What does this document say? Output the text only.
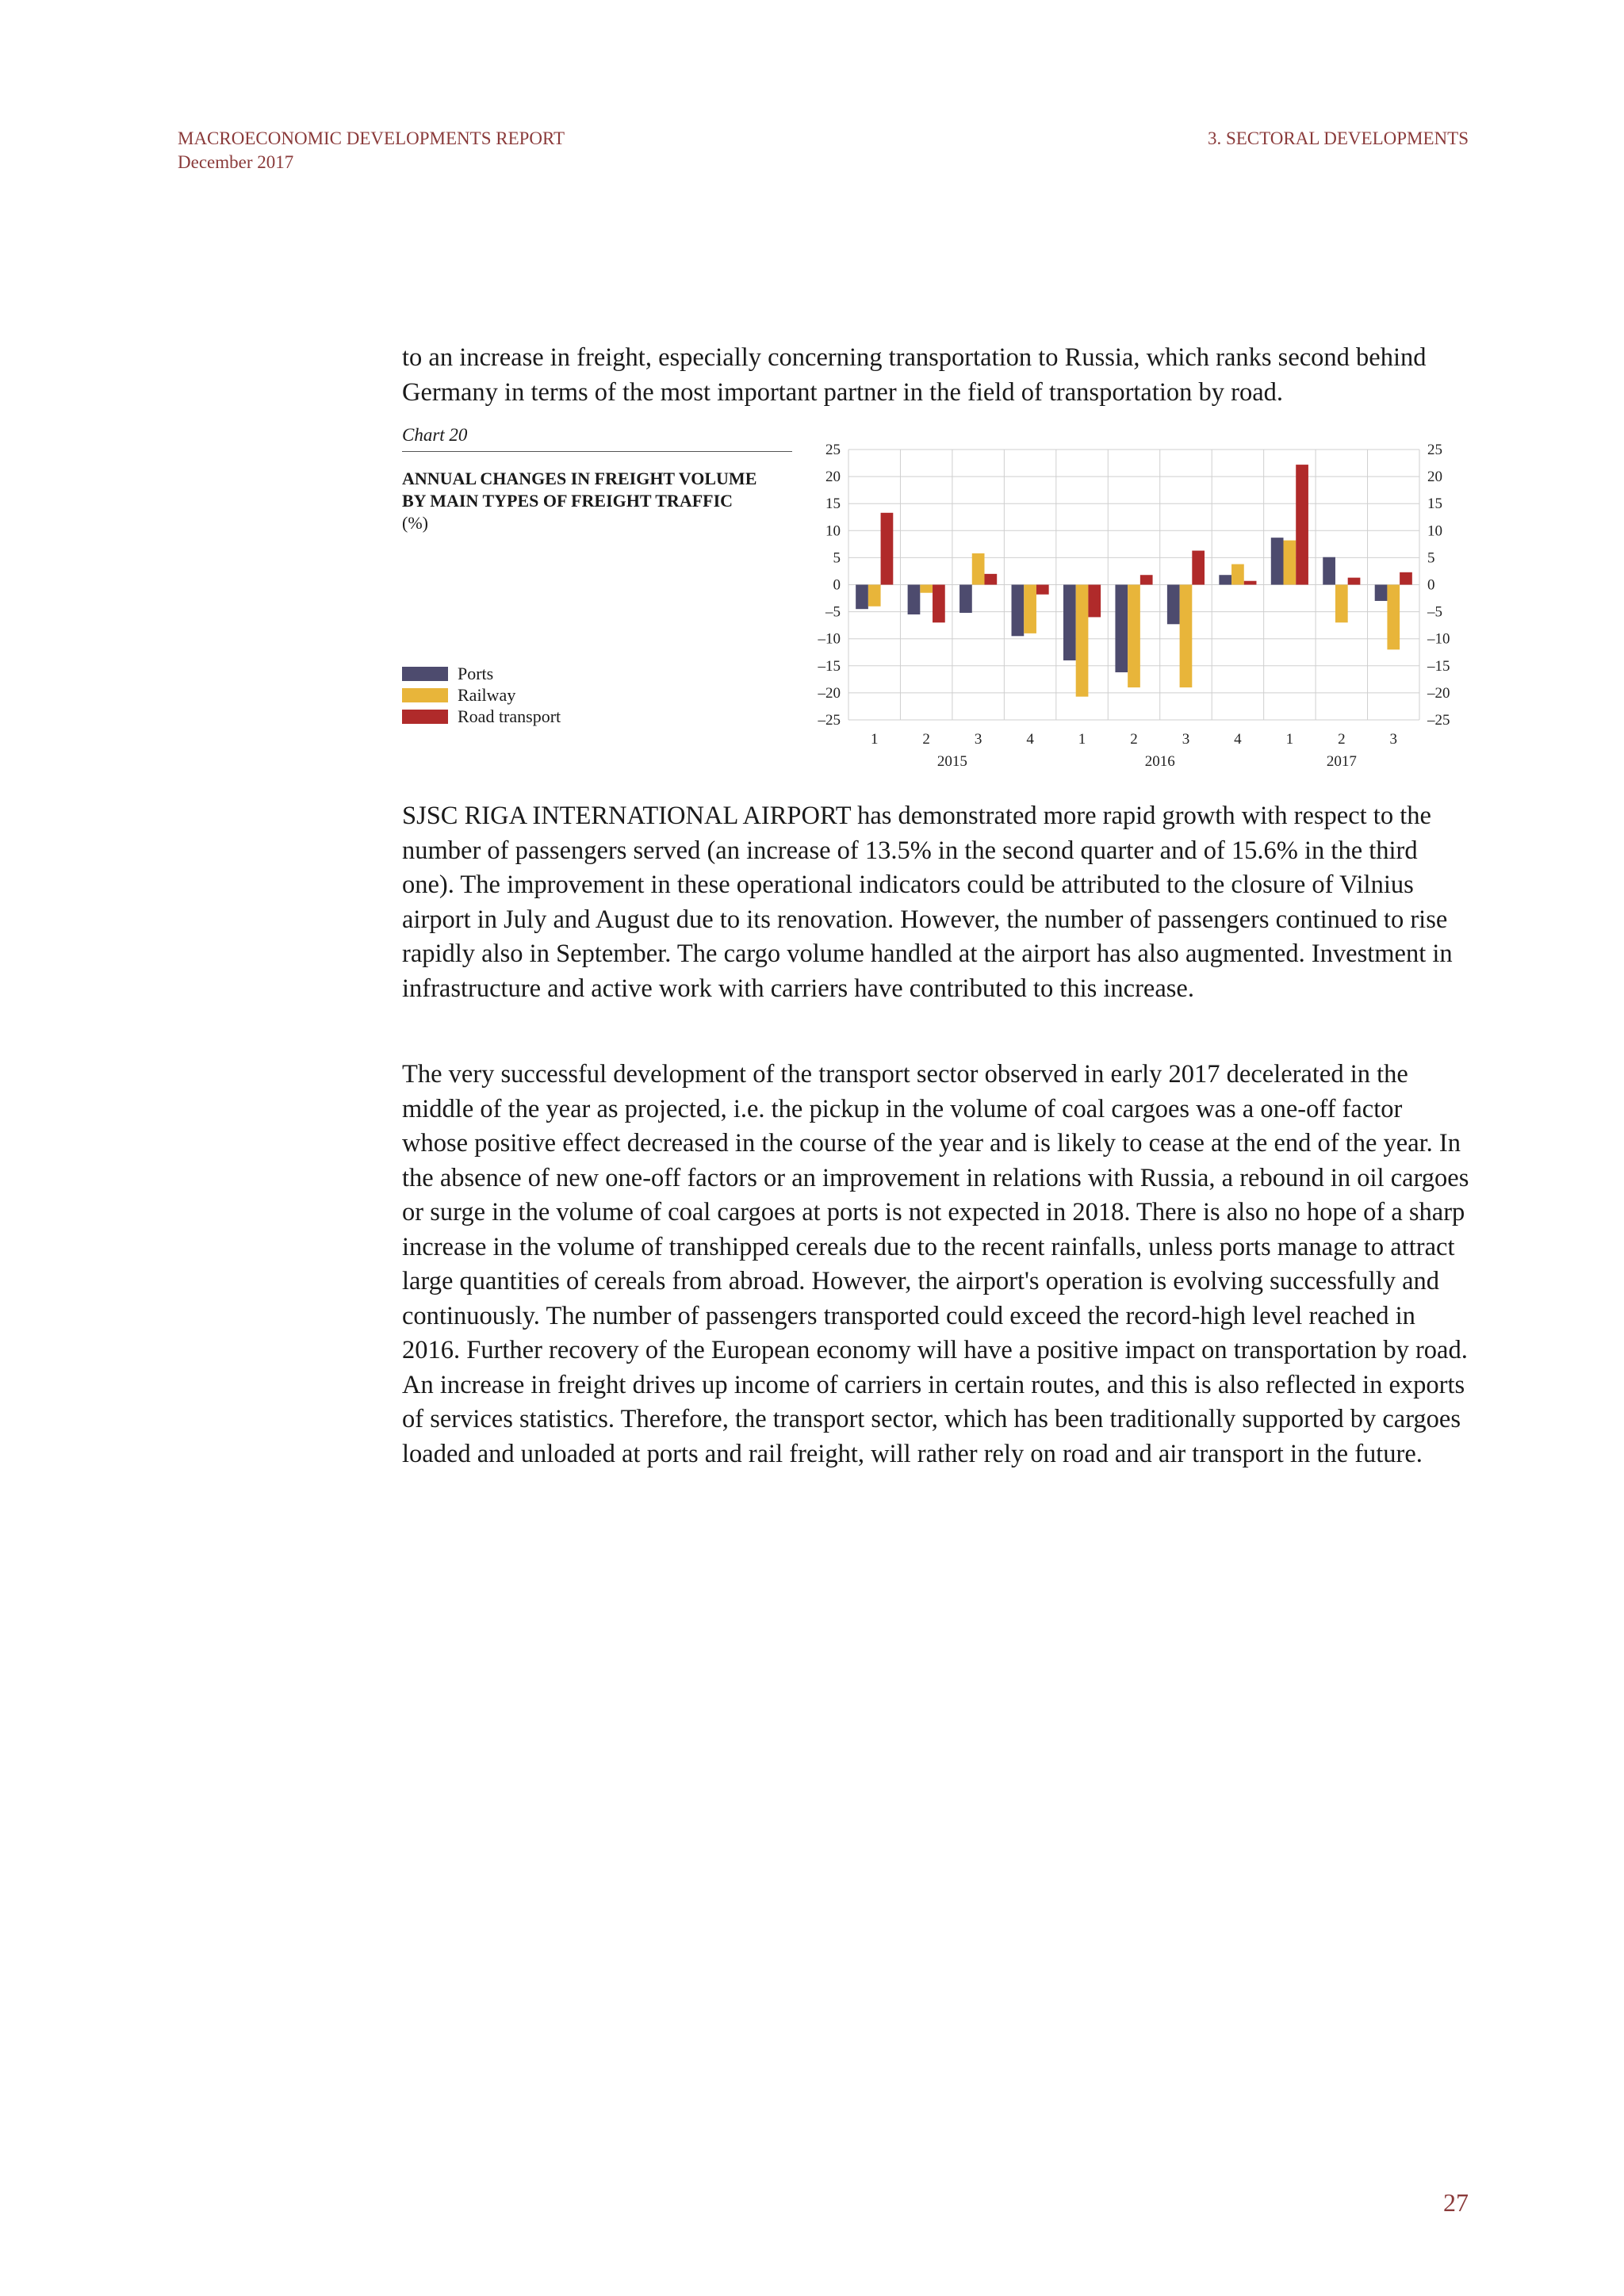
MACROECONOMIC DEVELOPMENTS REPORT
December 2017
3. SECTORAL DEVELOPMENTS

to an increase in freight, especially concerning transportation to Russia, which ranks second behind Germany in terms of the most important partner in the field of transportation by road.

Chart 20
ANNUAL CHANGES IN FREIGHT VOLUME BY MAIN TYPES OF FREIGHT TRAFFIC
(%)
Ports
Railway
Road transport
25	25
20	20
15	15
10	10
5	5
0	0
–5	–5
–10	–10
–15	–15
–20	–20
–25	–25
1	2	3	4	1	2	3	4	1	2	3
2015	2016	2017

SJSC RIGA INTERNATIONAL AIRPORT has demonstrated more rapid growth with respect to the number of passengers served (an increase of 13.5% in the second quarter and of 15.6% in the third one). The improvement in these operational indicators could be attributed to the closure of Vilnius airport in July and August due to its renovation. However, the number of passengers continued to rise rapidly also in September. The cargo volume handled at the airport has also augmented. Investment in infrastructure and active work with carriers have contributed to this increase.

The very successful development of the transport sector observed in early 2017 decelerated in the middle of the year as projected, i.e. the pickup in the volume of coal cargoes was a one-off factor whose positive effect decreased in the course of the year and is likely to cease at the end of the year. In the absence of new one-off factors or an improvement in relations with Russia, a rebound in oil cargoes or surge in the volume of coal cargoes at ports is not expected in 2018. There is also no hope of a sharp increase in the volume of transhipped cereals due to the recent rainfalls, unless ports manage to attract large quantities of cereals from abroad. However, the airport's operation is evolving successfully and continuously. The number of passengers transported could exceed the record-high level reached in 2016. Further recovery of the European economy will have a positive impact on transportation by road. An increase in freight drives up income of carriers in certain routes, and this is also reflected in exports of services statistics. Therefore, the transport sector, which has been traditionally supported by cargoes loaded and unloaded at ports and rail freight, will rather rely on road and air transport in the future.

27
